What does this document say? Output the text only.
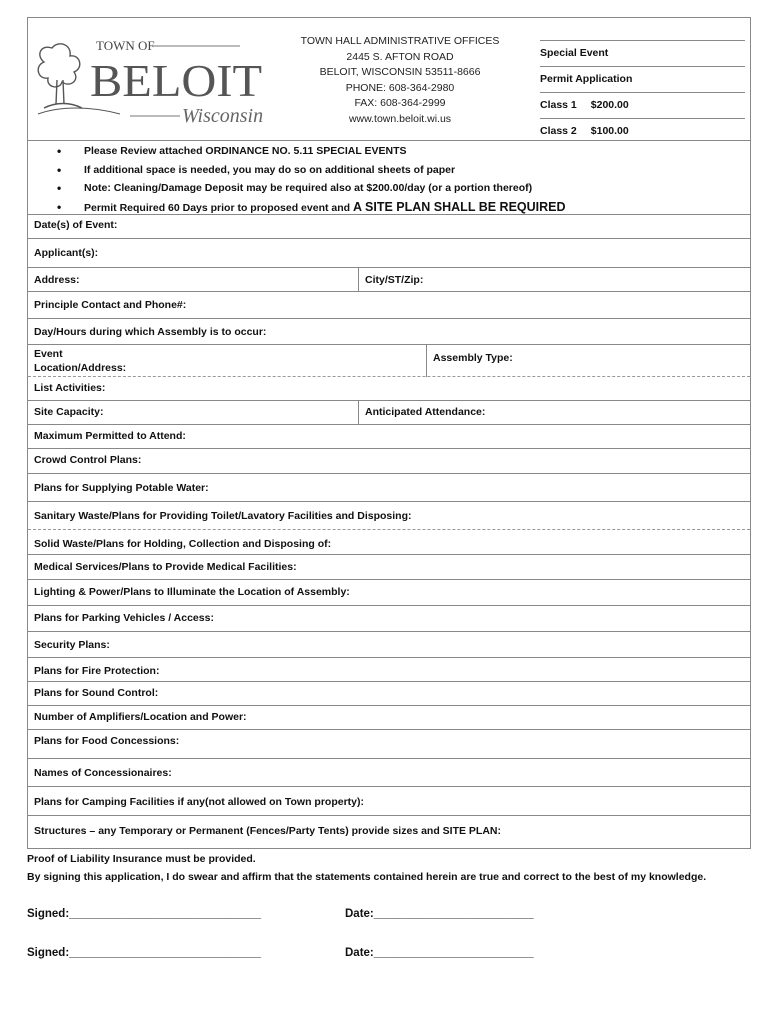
TOWN OF
BELOIT
Wisconsin
TOWN HALL ADMINISTRATIVE OFFICES
2445 S. AFTON ROAD
BELOIT, WISCONSIN 53511-8666
PHONE: 608-364-2980
FAX: 608-364-2999
www.town.beloit.wi.us
Special Event
Permit Application
Class 1 $200.00
Class 2 $100.00
• Please Review attached ORDINANCE NO. 5.11 SPECIAL EVENTS
• If additional space is needed, you may do so on additional sheets of paper
• Note: Cleaning/Damage Deposit may be required also at $200.00/day (or a portion thereof)
• Permit Required 60 Days prior to proposed event and A SITE PLAN SHALL BE REQUIRED
Date(s) of Event:
Applicant(s):
Address:	City/ST/Zip:
Principle Contact and Phone#:
Day/Hours during which Assembly is to occur:
Event
Location/Address:
Assembly Type:
List Activities:
Site Capacity:	Anticipated Attendance:
Maximum Permitted to Attend:
Crowd Control Plans:
Plans for Supplying Potable Water:
Sanitary Waste/Plans for Providing Toilet/Lavatory Facilities and Disposing:
Solid Waste/Plans for Holding, Collection and Disposing of:
Medical Services/Plans to Provide Medical Facilities:
Lighting & Power/Plans to Illuminate the Location of Assembly:
Plans for Parking Vehicles / Access:
Security Plans:
Plans for Fire Protection:
Plans for Sound Control:
Number of Amplifiers/Location and Power:
Plans for Food Concessions:
Names of Concessionaires:
Plans for Camping Facilities if any(not allowed on Town property):
Structures – any Temporary or Permanent (Fences/Party Tents) provide sizes and SITE PLAN:
Proof of Liability Insurance must be provided.
By signing this application, I do swear and affirm that the statements contained herein are true and correct to the best of my knowledge.
Signed:______________________________	Date:_________________________
Signed:______________________________	Date:_________________________
